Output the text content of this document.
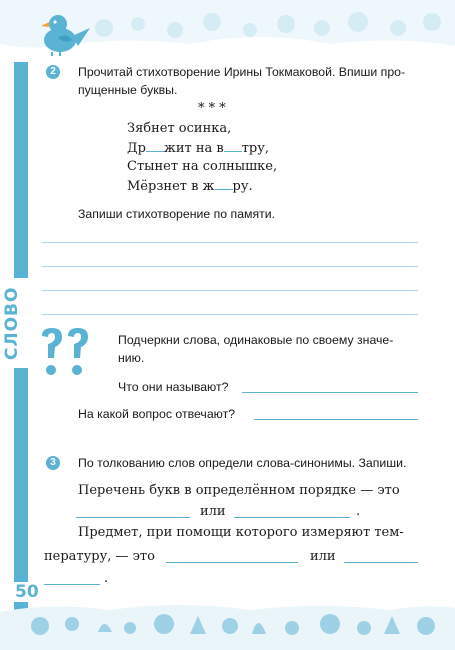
СЛОВО
2	Прочитай стихотворение Ирины Токмаковой. Впиши про-
пущенные буквы.
* * *
Зябнет осинка,
Др жит на в тру,
Стынет на солнышке,
Мёрзнет в ж ру.
Запиши стихотворение по памяти.
Подчеркни слова, одинаковые по своему значе-
нию.
Что они называют?
На какой вопрос отвечают?
3	По толкованию слов определи слова-синонимы. Запиши.
Перечень букв в определённом порядке — это
или	.
Предмет, при помощи которого измеряют тем-
пературу, — это	или
.
50
